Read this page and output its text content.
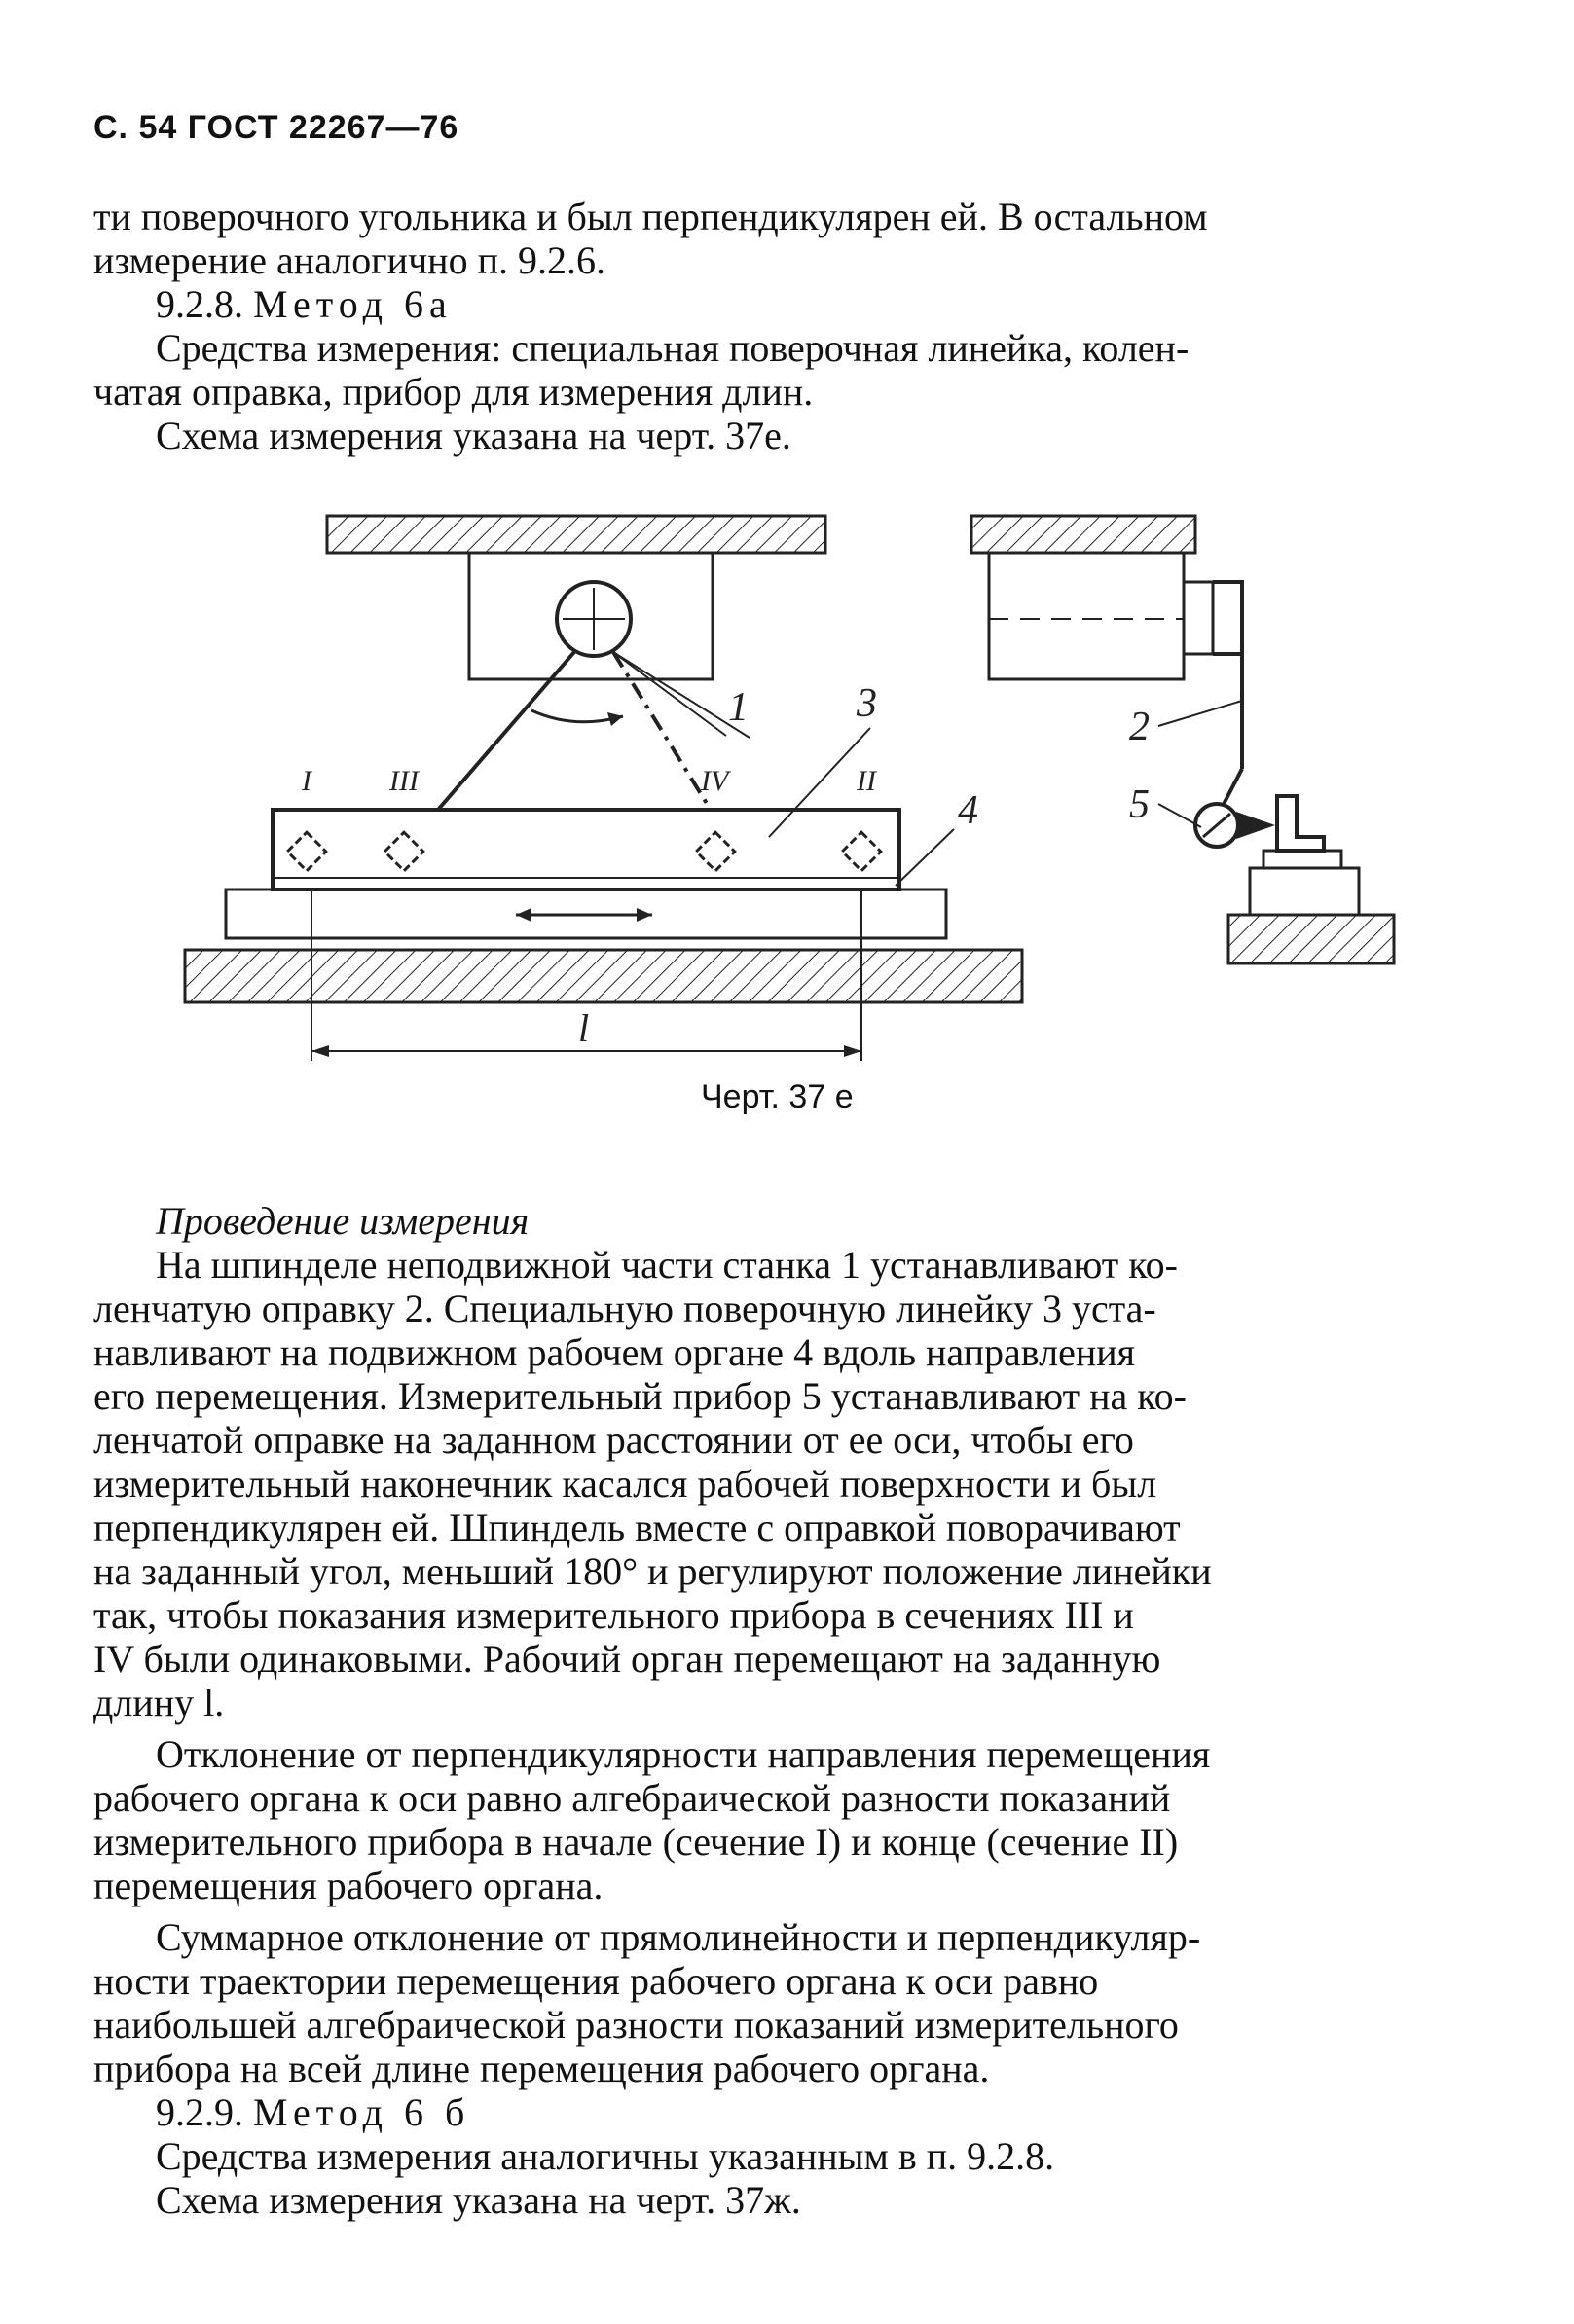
С. 54 ГОСТ 22267—76
ти поверочного угольника и был перпендикулярен ей. В остальном
измерение аналогично п. 9.2.6.
9.2.8. Метод 6а
Средства измерения: специальная поверочная линейка, колен-
чатая оправка, прибор для измерения длин.
Схема измерения указана на черт. 37е.
1	3
4
I	III	IV	II
l
2
5
Черт. 37 е
Проведение измерения
На шпинделе неподвижной части станка 1 устанавливают ко-
ленчатую оправку 2. Специальную поверочную линейку 3 уста-
навливают на подвижном рабочем органе 4 вдоль направления
его перемещения. Измерительный прибор 5 устанавливают на ко-
ленчатой оправке на заданном расстоянии от ее оси, чтобы его
измерительный наконечник касался рабочей поверхности и был
перпендикулярен ей. Шпиндель вместе с оправкой поворачивают
на заданный угол, меньший 180° и регулируют положение линейки
так, чтобы показания измерительного прибора в сечениях III и
IV были одинаковыми. Рабочий орган перемещают на заданную
длину l.
Отклонение от перпендикулярности направления перемещения
рабочего органа к оси равно алгебраической разности показаний
измерительного прибора в начале (сечение I) и конце (сечение II)
перемещения рабочего органа.
Суммарное отклонение от прямолинейности и перпендикуляр-
ности траектории перемещения рабочего органа к оси равно
наибольшей алгебраической разности показаний измерительного
прибора на всей длине перемещения рабочего органа.
9.2.9. Метод 6 б
Средства измерения аналогичны указанным в п. 9.2.8.
Схема измерения указана на черт. 37ж.
